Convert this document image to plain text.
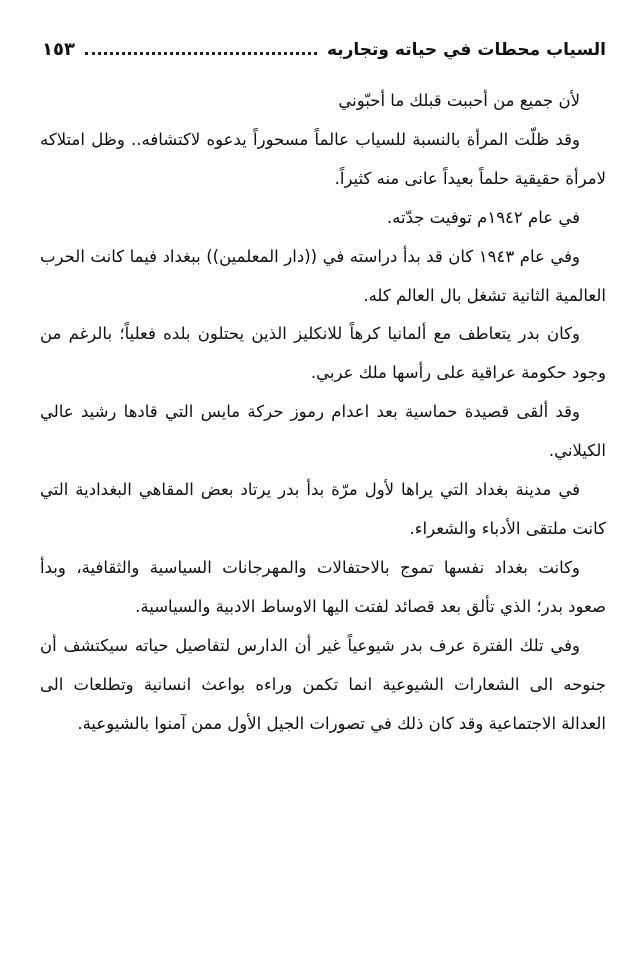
السياب محطات في حياته وتجاربه
١٥٣

لأن جميع من أحببت قبلك ما أحبّوني

وقد ظلّت المرأة بالنسبة للسياب عالماً مسحوراً يدعوه لاكتشافه.. وظل امتلاكه لامرأة حقيقية حلماً بعيداً عانى منه كثيراً.

في عام ١٩٤٢م توفيت جدّته.

وفي عام ١٩٤٣ كان قد بدأ دراسته في ((دار المعلمين)) ببغداد فيما كانت الحرب العالمية الثانية تشغل بال العالم كله.

وكان بدر يتعاطف مع ألمانيا كرهاً للانكليز الذين يحتلون بلده فعلياً؛ بالرغم من وجود حكومة عراقية على رأسها ملك عربي.

وقد ألقى قصيدة حماسية بعد اعدام رموز حركة مايس التي قادها رشيد عالي الكيلاني.

في مدينة بغداد التي يراها لأول مرّة بدأ بدر يرتاد بعض المقاهي البغدادية التي كانت ملتقى الأدباء والشعراء.

وكانت بغداد نفسها تموج بالاحتفالات والمهرجانات السياسية والثقافية، وبدأ صعود بدر؛ الذي تألق بعد قصائد لفتت اليها الاوساط الادبية والسياسية.

وفي تلك الفترة عرف بدر شيوعياً غير أن الدارس لتفاصيل حياته سيكتشف أن جنوحه الى الشعارات الشيوعية انما تكمن وراءه بواعث انسانية وتطلعات الى العدالة الاجتماعية وقد كان ذلك في تصورات الجيل الأول ممن آمنوا بالشيوعية.
